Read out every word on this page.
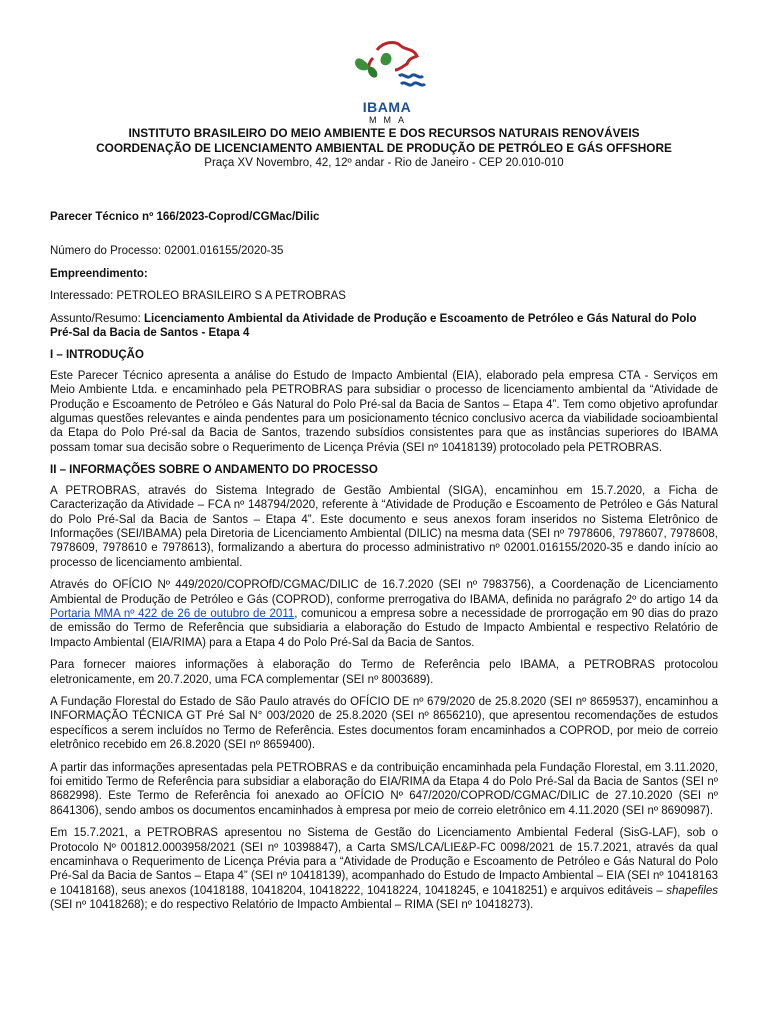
IBAMA
MMA
INSTITUTO BRASILEIRO DO MEIO AMBIENTE E DOS RECURSOS NATURAIS RENOVÁVEIS
COORDENAÇÃO DE LICENCIAMENTO AMBIENTAL DE PRODUÇÃO DE PETRÓLEO E GÁS OFFSHORE
Praça XV Novembro, 42, 12º andar - Rio de Janeiro - CEP 20.010-010
Parecer Técnico nº 166/2023-Coprod/CGMac/Dilic
Número do Processo: 02001.016155/2020-35
Empreendimento:
Interessado: PETROLEO BRASILEIRO S A PETROBRAS
Assunto/Resumo: Licenciamento Ambiental da Atividade de Produção e Escoamento de Petróleo e Gás Natural do Polo Pré-Sal da Bacia de Santos - Etapa 4
I – INTRODUÇÃO
Este Parecer Técnico apresenta a análise do Estudo de Impacto Ambiental (EIA), elaborado pela empresa CTA - Serviços em Meio Ambiente Ltda. e encaminhado pela PETROBRAS para subsidiar o processo de licenciamento ambiental da “Atividade de Produção e Escoamento de Petróleo e Gás Natural do Polo Pré-sal da Bacia de Santos – Etapa 4”. Tem como objetivo aprofundar algumas questões relevantes e ainda pendentes para um posicionamento técnico conclusivo acerca da viabilidade socioambiental da Etapa do Polo Pré-sal da Bacia de Santos, trazendo subsídios consistentes para que as instâncias superiores do IBAMA possam tomar sua decisão sobre o Requerimento de Licença Prévia (SEI nº 10418139) protocolado pela PETROBRAS.
II – INFORMAÇÕES SOBRE O ANDAMENTO DO PROCESSO
A PETROBRAS, através do Sistema Integrado de Gestão Ambiental (SIGA), encaminhou em 15.7.2020, a Ficha de Caracterização da Atividade – FCA nº 148794/2020, referente à “Atividade de Produção e Escoamento de Petróleo e Gás Natural do Polo Pré-Sal da Bacia de Santos – Etapa 4”. Este documento e seus anexos foram inseridos no Sistema Eletrônico de Informações (SEI/IBAMA) pela Diretoria de Licenciamento Ambiental (DILIC) na mesma data (SEI nº 7978606, 7978607, 7978608, 7978609, 7978610 e 7978613), formalizando a abertura do processo administrativo nº 02001.016155/2020-35 e dando início ao processo de licenciamento ambiental.
Através do OFÍCIO Nº 449/2020/COPROfD/CGMAC/DILIC de 16.7.2020 (SEI nº 7983756), a Coordenação de Licenciamento Ambiental de Produção de Petróleo e Gás (COPROD), conforme prerrogativa do IBAMA, definida no parágrafo 2º do artigo 14 da Portaria MMA nº 422 de 26 de outubro de 2011, comunicou a empresa sobre a necessidade de prorrogação em 90 dias do prazo de emissão do Termo de Referência que subsidiaria a elaboração do Estudo de Impacto Ambiental e respectivo Relatório de Impacto Ambiental (EIA/RIMA) para a Etapa 4 do Polo Pré-Sal da Bacia de Santos.
Para fornecer maiores informações à elaboração do Termo de Referência pelo IBAMA, a PETROBRAS protocolou eletronicamente, em 20.7.2020, uma FCA complementar (SEI nº 8003689).
A Fundação Florestal do Estado de São Paulo através do OFÍCIO DE nº 679/2020 de 25.8.2020 (SEI nº 8659537), encaminhou a INFORMAÇÃO TÉCNICA GT Pré Sal N° 003/2020 de 25.8.2020 (SEI nº 8656210), que apresentou recomendações de estudos específicos a serem incluídos no Termo de Referência. Estes documentos foram encaminhados a COPROD, por meio de correio eletrônico recebido em 26.8.2020 (SEI nº 8659400).
A partir das informações apresentadas pela PETROBRAS e da contribuição encaminhada pela Fundação Florestal, em 3.11.2020, foi emitido Termo de Referência para subsidiar a elaboração do EIA/RIMA da Etapa 4 do Polo Pré-Sal da Bacia de Santos (SEI nº 8682998). Este Termo de Referência foi anexado ao OFÍCIO Nº 647/2020/COPROD/CGMAC/DILIC de 27.10.2020 (SEI nº 8641306), sendo ambos os documentos encaminhados à empresa por meio de correio eletrônico em 4.11.2020 (SEI nº 8690987).
Em 15.7.2021, a PETROBRAS apresentou no Sistema de Gestão do Licenciamento Ambiental Federal (SisG-LAF), sob o Protocolo Nº 001812.0003958/2021 (SEI nº 10398847), a Carta SMS/LCA/LIE&P-FC 0098/2021 de 15.7.2021, através da qual encaminhava o Requerimento de Licença Prévia para a “Atividade de Produção e Escoamento de Petróleo e Gás Natural do Polo Pré-Sal da Bacia de Santos – Etapa 4” (SEI nº 10418139), acompanhado do Estudo de Impacto Ambiental – EIA (SEI nº 10418163 e 10418168), seus anexos (10418188, 10418204, 10418222, 10418224, 10418245, e 10418251) e arquivos editáveis – shapefiles (SEI nº 10418268); e do respectivo Relatório de Impacto Ambiental – RIMA (SEI nº 10418273).
